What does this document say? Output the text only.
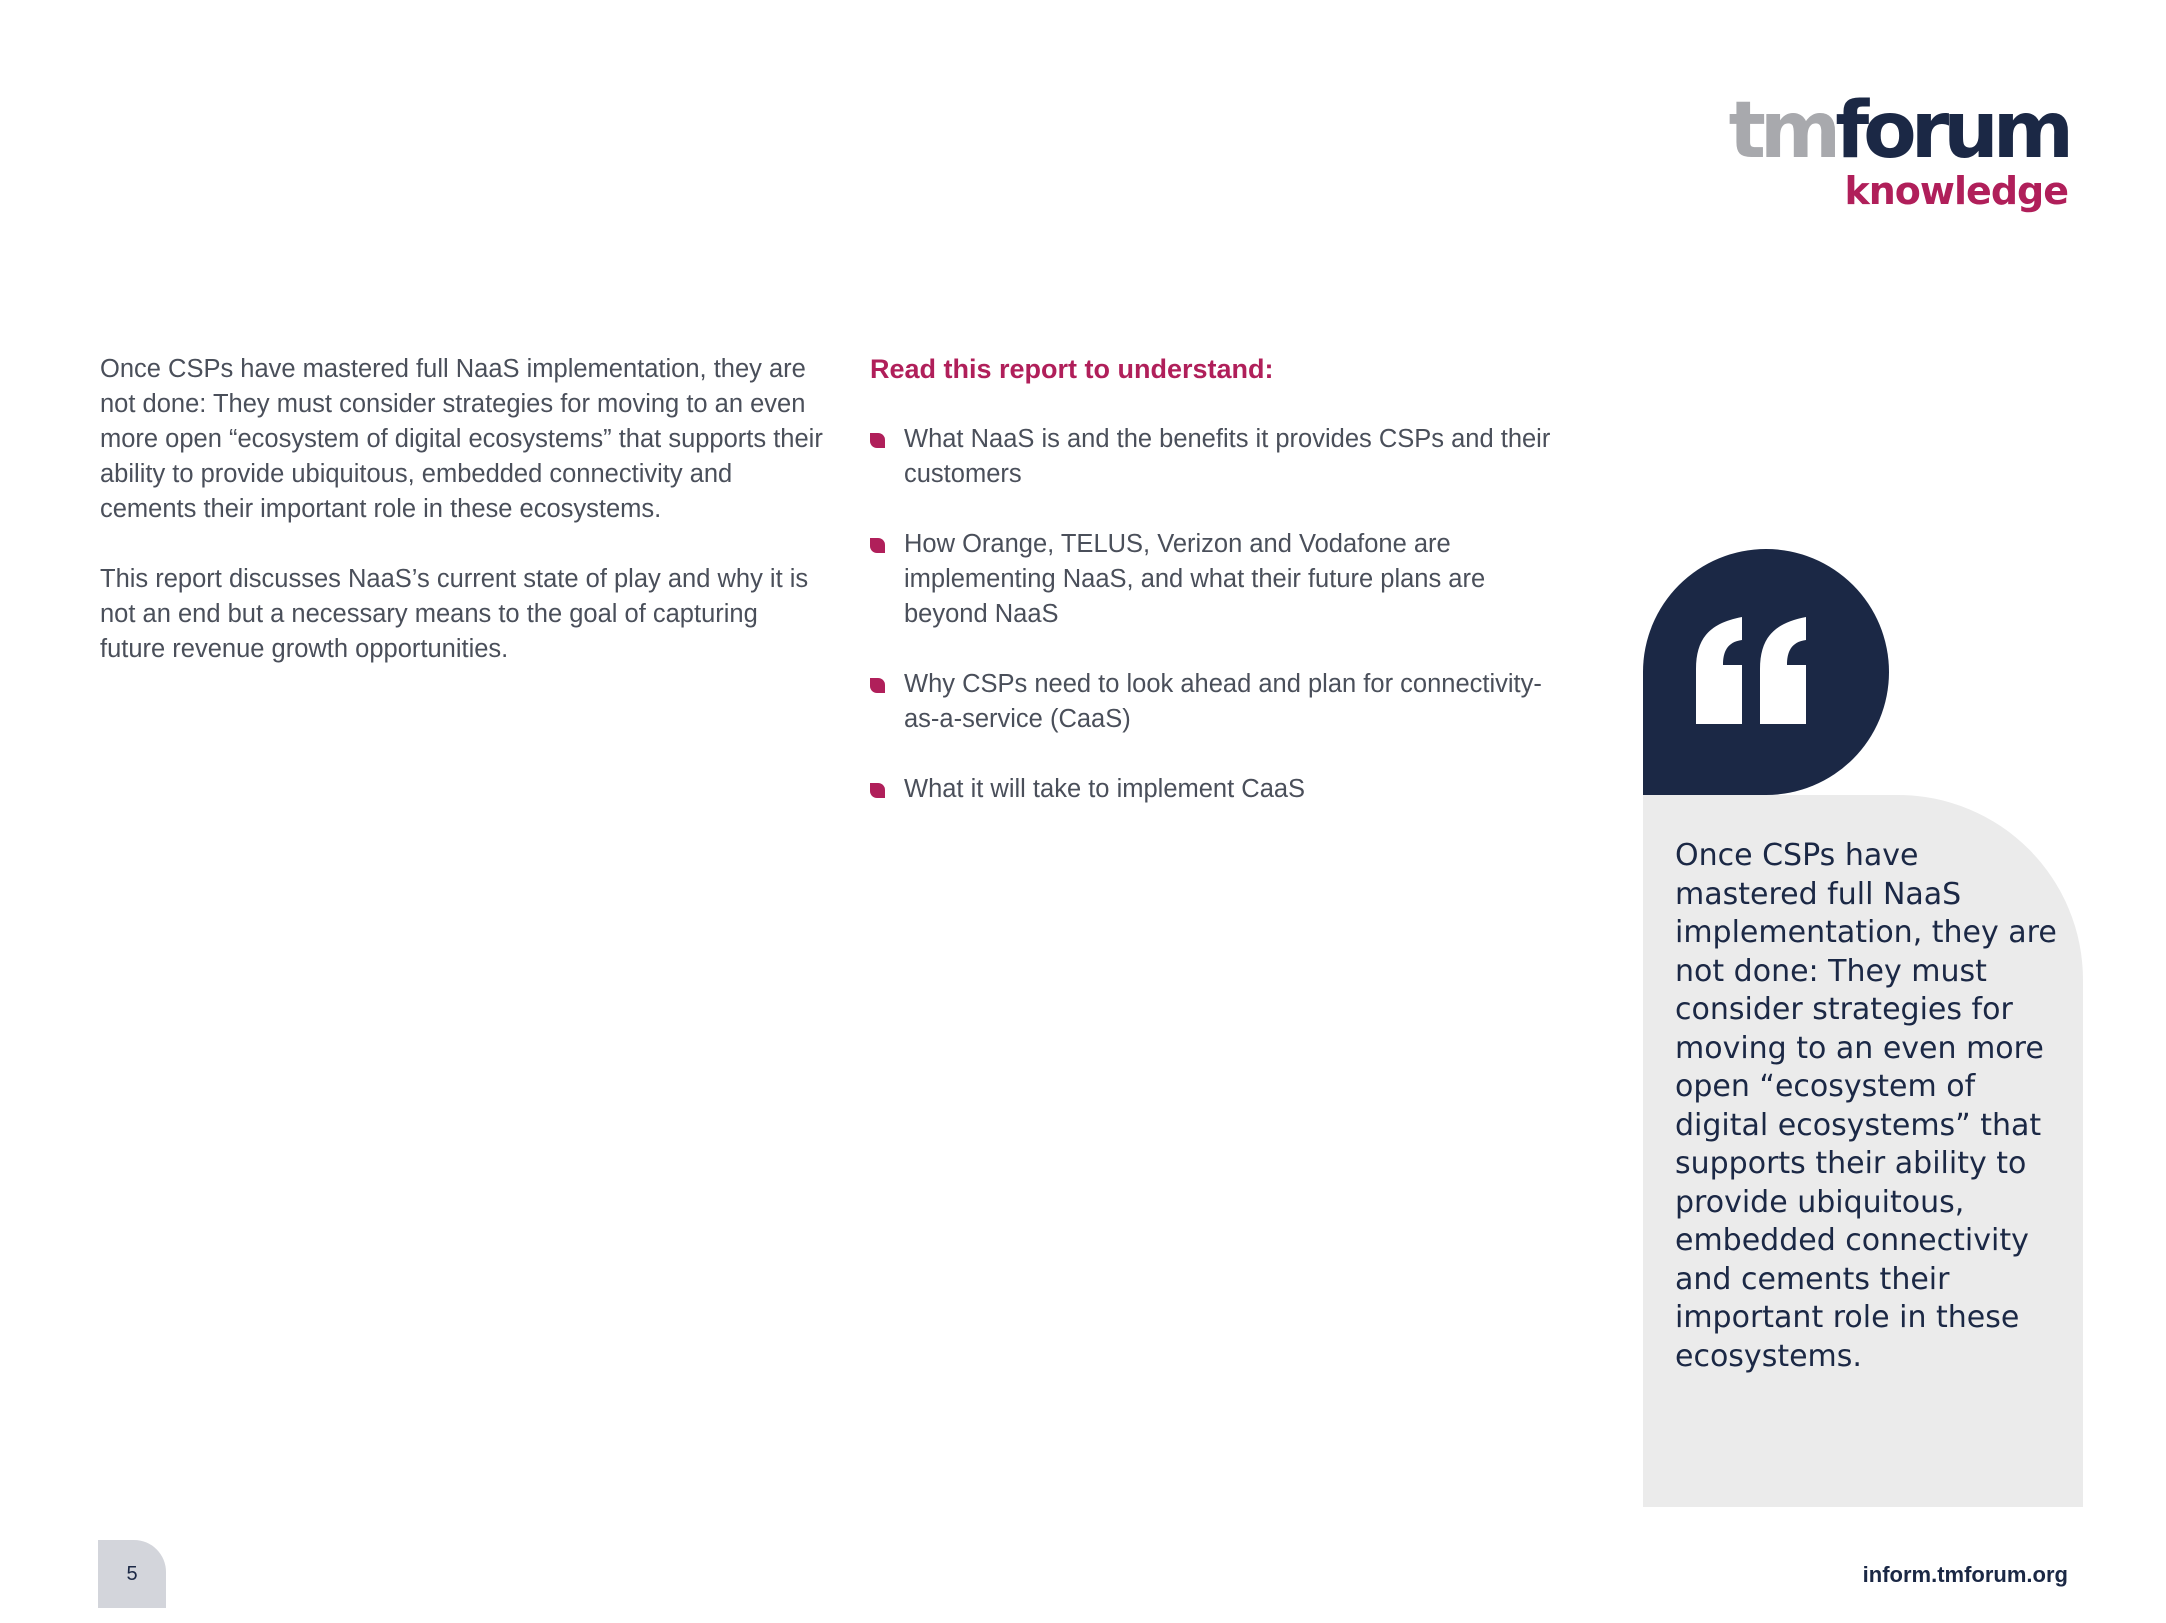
tmforum
knowledge

Once CSPs have mastered full NaaS implementation, they are not done: They must consider strategies for moving to an even more open “ecosystem of digital ecosystems” that supports their ability to provide ubiquitous, embedded connectivity and cements their important role in these ecosystems.

This report discusses NaaS’s current state of play and why it is not an end but a necessary means to the goal of capturing future revenue growth opportunities.

Read this report to understand:
What NaaS is and the benefits it provides CSPs and their customers
How Orange, TELUS, Verizon and Vodafone are implementing NaaS, and what their future plans are beyond NaaS
Why CSPs need to look ahead and plan for connectivity-as-a-service (CaaS)
What it will take to implement CaaS

Once CSPs have mastered full NaaS implementation, they are not done: They must consider strategies for moving to an even more open “ecosystem of digital ecosystems” that supports their ability to provide ubiquitous, embedded connectivity and cements their important role in these ecosystems.

5	inform.tmforum.org
